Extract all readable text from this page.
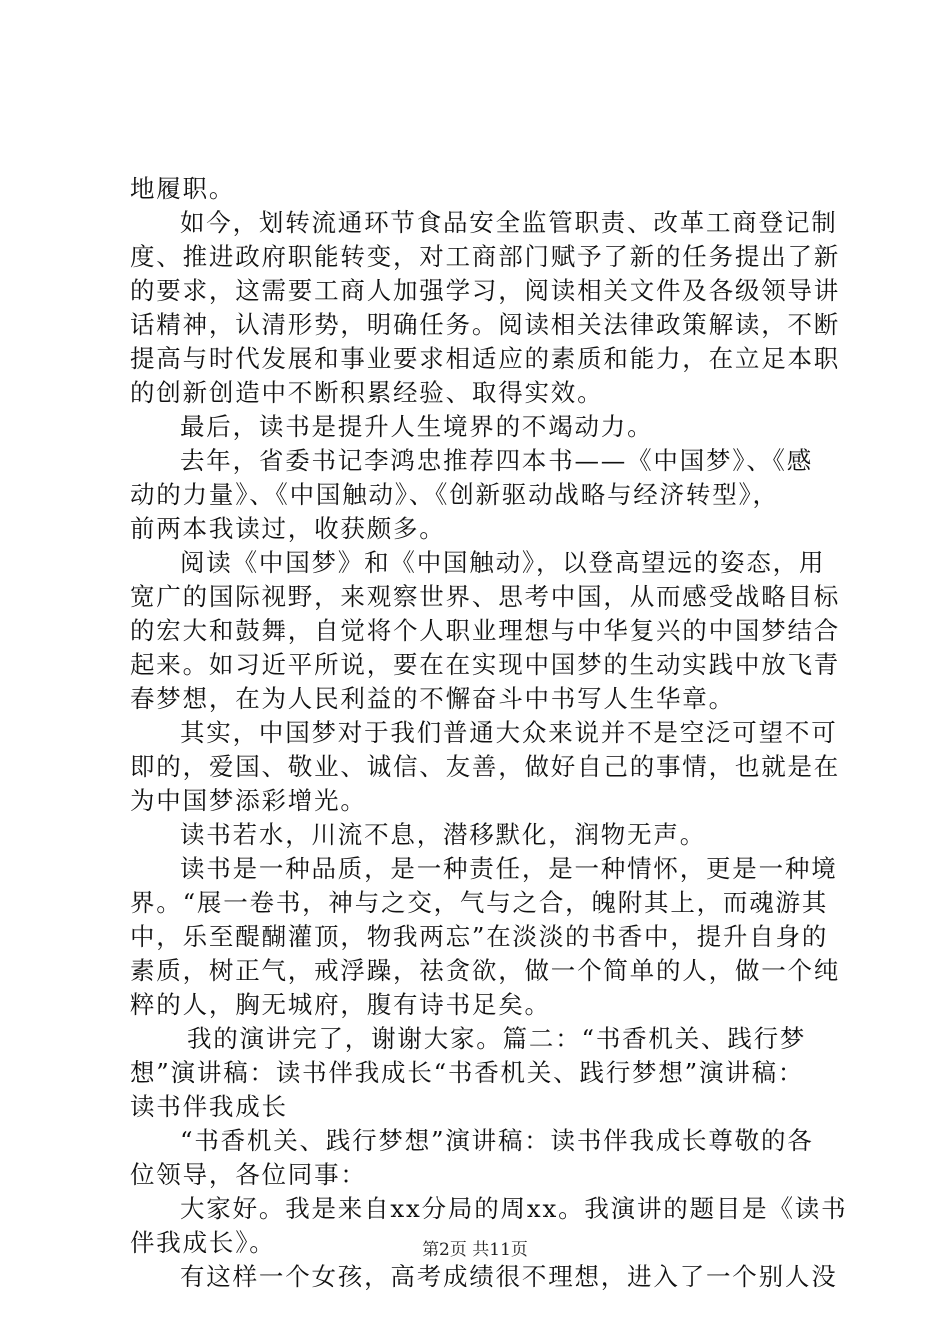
地履职。
如今，划转流通环节食品安全监管职责、改革工商登记制
度、推进政府职能转变，对工商部门赋予了新的任务提出了新
的要求，这需要工商人加强学习，阅读相关文件及各级领导讲
话精神，认清形势，明确任务。阅读相关法律政策解读，不断
提高与时代发展和事业要求相适应的素质和能力，在立足本职
的创新创造中不断积累经验、取得实效。
最后，读书是提升人生境界的不竭动力。
去年，省委书记李鸿忠推荐四本书——《中国梦》、《感
动的力量》、《中国触动》、《创新驱动战略与经济转型》，
前两本我读过，收获颇多。
阅读《中国梦》和《中国触动》，以登高望远的姿态，用
宽广的国际视野，来观察世界、思考中国，从而感受战略目标
的宏大和鼓舞，自觉将个人职业理想与中华复兴的中国梦结合
起来。如习近平所说，要在在实现中国梦的生动实践中放飞青
春梦想，在为人民利益的不懈奋斗中书写人生华章。
其实，中国梦对于我们普通大众来说并不是空泛可望不可
即的，爱国、敬业、诚信、友善，做好自己的事情，也就是在
为中国梦添彩增光。
读书若水，川流不息，潜移默化，润物无声。
读书是一种品质，是一种责任，是一种情怀，更是一种境
界。“展一卷书，神与之交，气与之合，魄附其上，而魂游其
中，乐至醍醐灌顶，物我两忘”在淡淡的书香中，提升自身的
素质，树正气，戒浮躁，祛贪欲，做一个简单的人，做一个纯
粹的人，胸无城府，腹有诗书足矣。
我的演讲完了，谢谢大家。篇二：“书香机关、践行梦
想”演讲稿：读书伴我成长“书香机关、践行梦想”演讲稿：
读书伴我成长
“书香机关、践行梦想”演讲稿：读书伴我成长尊敬的各
位领导，各位同事：
大家好。我是来自xx分局的周xx。我演讲的题目是《读书
伴我成长》。
有这样一个女孩，高考成绩很不理想，进入了一个别人没
第2页 共11页
